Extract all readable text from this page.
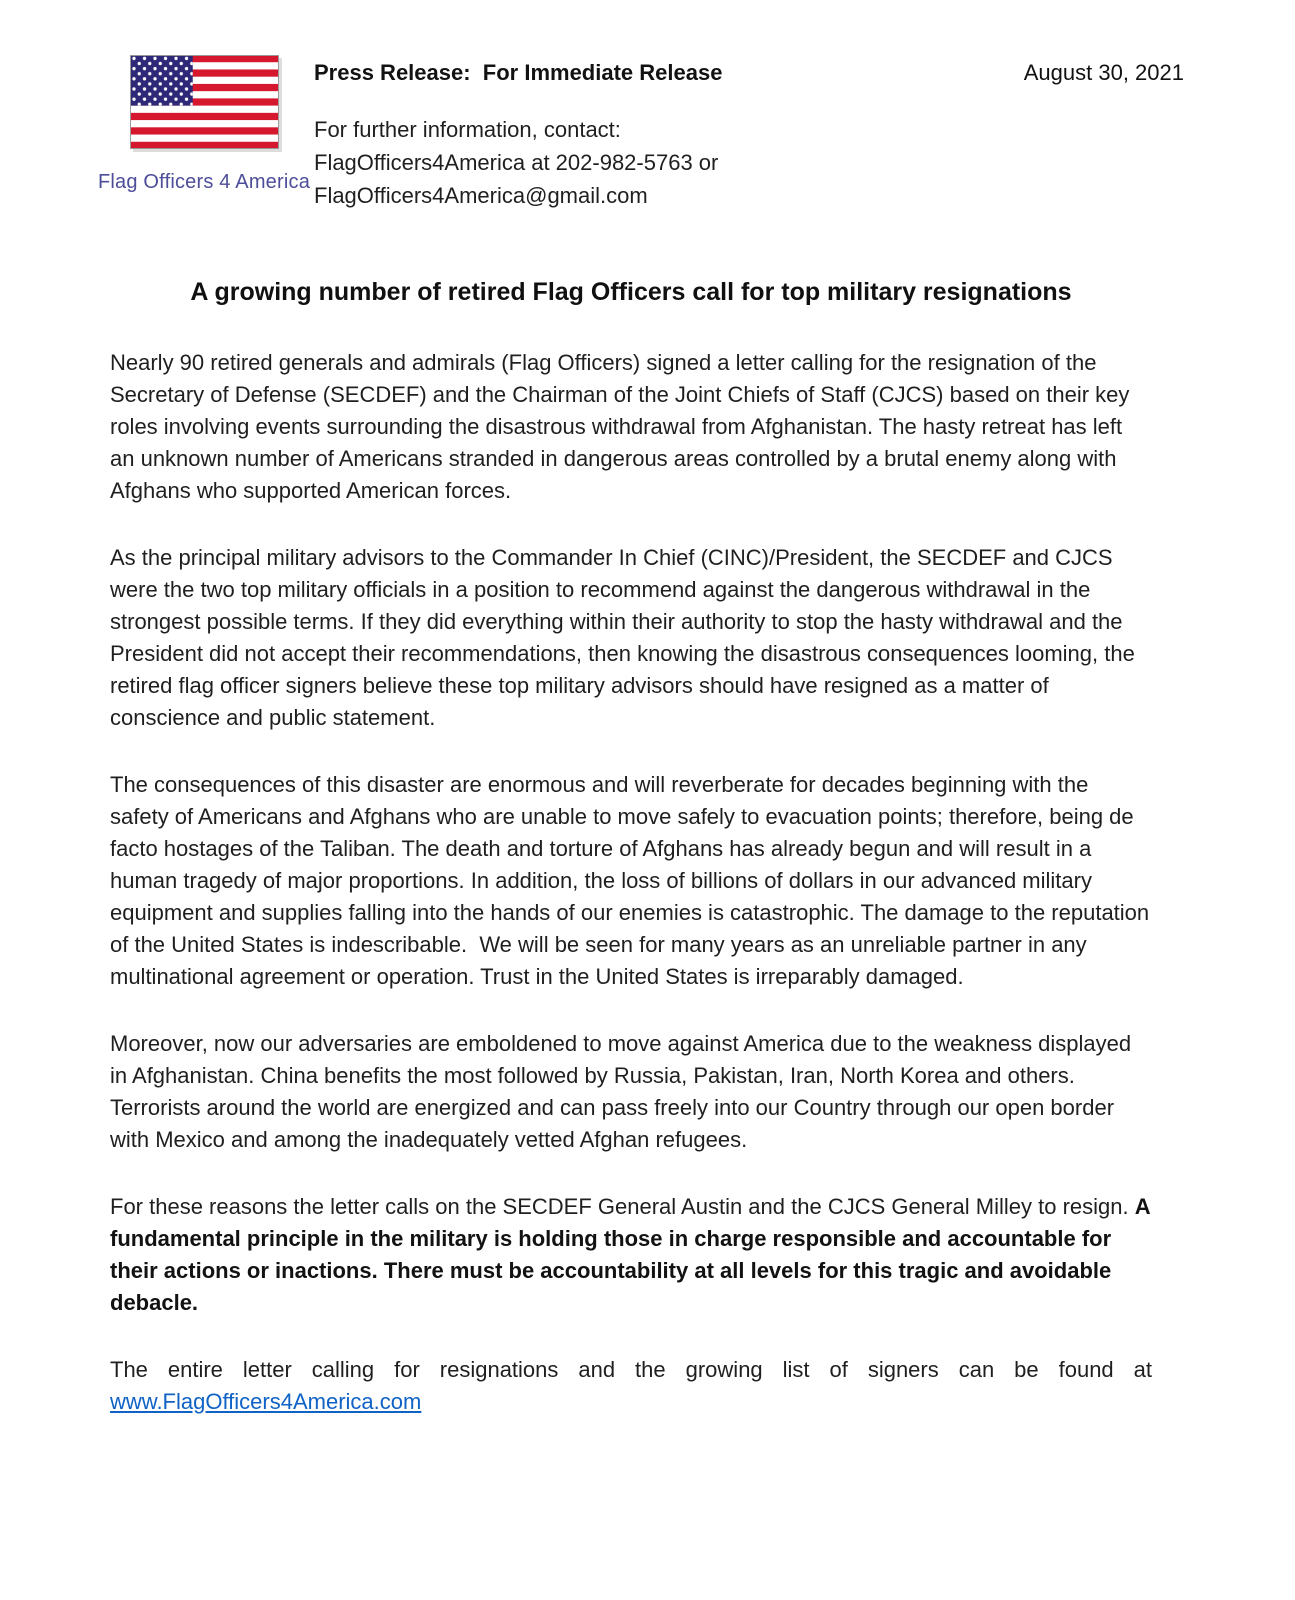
Flag Officers 4 America
Press Release:  For Immediate Release
For further information, contact:
FlagOfficers4America at 202-982-5763 or
FlagOfficers4America@gmail.com
August 30, 2021
A growing number of retired Flag Officers call for top military resignations

Nearly 90 retired generals and admirals (Flag Officers) signed a letter calling for the resignation of the Secretary of Defense (SECDEF) and the Chairman of the Joint Chiefs of Staff (CJCS) based on their key roles involving events surrounding the disastrous withdrawal from Afghanistan. The hasty retreat has left an unknown number of Americans stranded in dangerous areas controlled by a brutal enemy along with Afghans who supported American forces.

As the principal military advisors to the Commander In Chief (CINC)/President, the SECDEF and CJCS were the two top military officials in a position to recommend against the dangerous withdrawal in the strongest possible terms. If they did everything within their authority to stop the hasty withdrawal and the President did not accept their recommendations, then knowing the disastrous consequences looming, the retired flag officer signers believe these top military advisors should have resigned as a matter of conscience and public statement.

The consequences of this disaster are enormous and will reverberate for decades beginning with the safety of Americans and Afghans who are unable to move safely to evacuation points; therefore, being de facto hostages of the Taliban. The death and torture of Afghans has already begun and will result in a human tragedy of major proportions. In addition, the loss of billions of dollars in our advanced military equipment and supplies falling into the hands of our enemies is catastrophic. The damage to the reputation of the United States is indescribable.  We will be seen for many years as an unreliable partner in any multinational agreement or operation. Trust in the United States is irreparably damaged.

Moreover, now our adversaries are emboldened to move against America due to the weakness displayed in Afghanistan. China benefits the most followed by Russia, Pakistan, Iran, North Korea and others. Terrorists around the world are energized and can pass freely into our Country through our open border with Mexico and among the inadequately vetted Afghan refugees.

For these reasons the letter calls on the SECDEF General Austin and the CJCS General Milley to resign. A fundamental principle in the military is holding those in charge responsible and accountable for their actions or inactions. There must be accountability at all levels for this tragic and avoidable debacle.

The entire letter calling for resignations and the growing list of signers can be found at www.FlagOfficers4America.com
